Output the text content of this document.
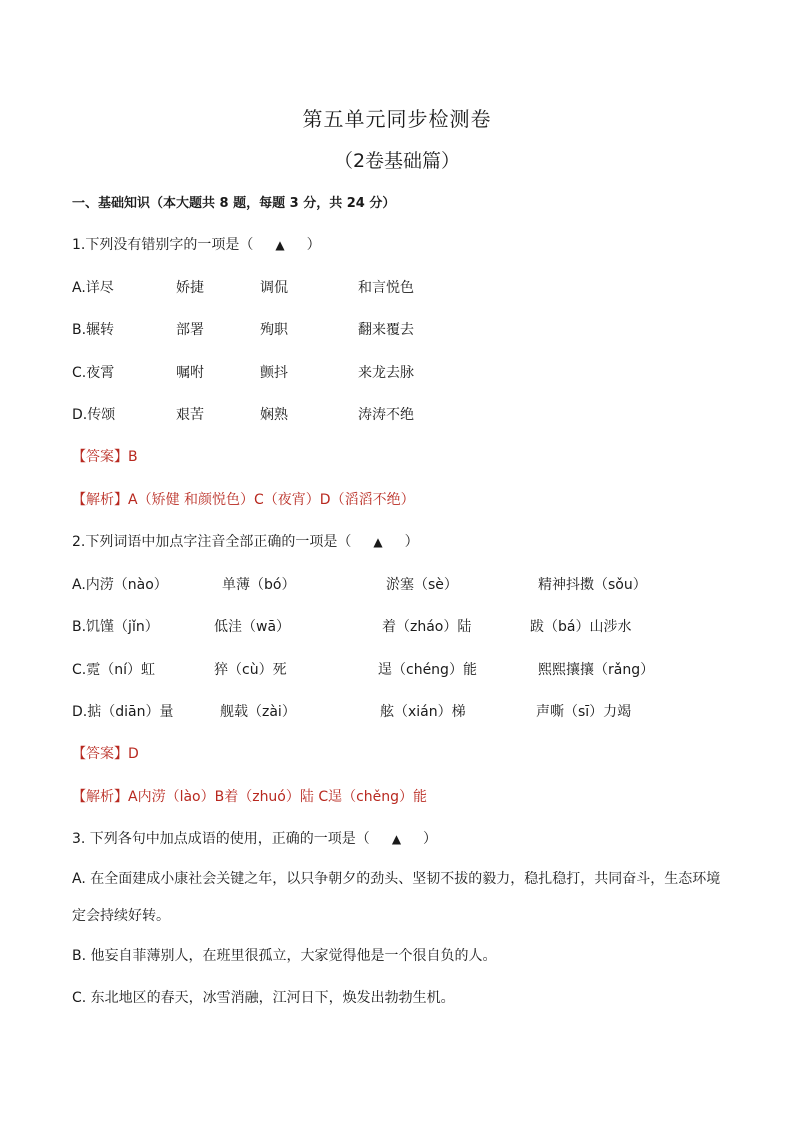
第五单元同步检测卷
（2卷基础篇）
一、基础知识（本大题共 8 题，每题 3 分，共 24 分）
1.下列没有错别字的一项是（ ▲ ）
A.详尽	娇捷	调侃	和言悦色
B.辗转	部署	殉职	翻来覆去
C.夜霄	嘱咐	颤抖	来龙去脉
D.传颂	艰苦	娴熟	涛涛不绝
【答案】B
【解析】A（矫健 和颜悦色）C（夜宵）D（滔滔不绝）
2.下列词语中加点字注音全部正确的一项是（ ▲ ）
A.内涝（nào）	单薄（bó）	淤塞（sè）	精神抖擞（sǒu）
B.饥馑（jǐn）	低洼（wā）	着（zháo）陆	跋（bá）山涉水
C.霓（ní）虹	猝（cù）死	逞（chéng）能	熙熙攘攘（rǎng）
D.掂（diān）量	舰载（zài）	舷（xián）梯	声嘶（sī）力竭
【答案】D
【解析】A内涝（lào）B着（zhuó）陆 C逞（chěng）能
3. 下列各句中加点成语的使用，正确的一项是（ ▲ ）
A. 在全面建成小康社会关键之年，以只争朝夕的劲头、坚韧不拔的毅力，稳扎稳打，共同奋斗，生态环境定会持续好转。
B. 他妄自菲薄别人，在班里很孤立，大家觉得他是一个很自负的人。
C. 东北地区的春天，冰雪消融，江河日下，焕发出勃勃生机。
